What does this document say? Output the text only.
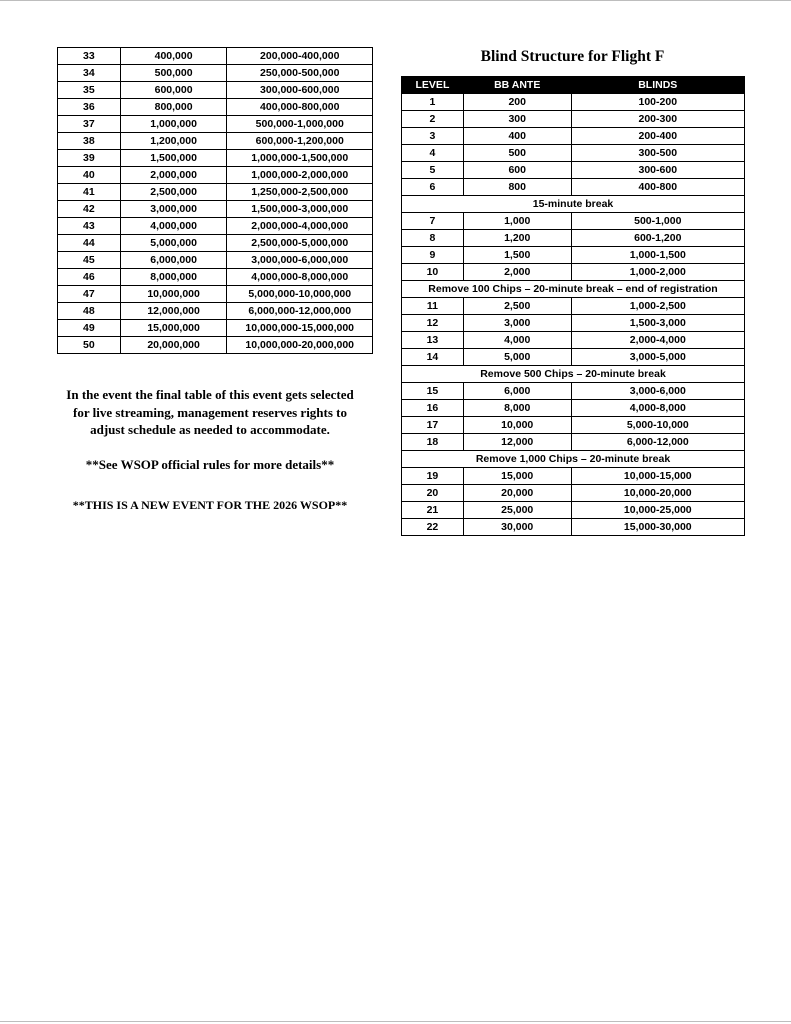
33	400,000	200,000-400,000
34	500,000	250,000-500,000
35	600,000	300,000-600,000
36	800,000	400,000-800,000
37	1,000,000	500,000-1,000,000
38	1,200,000	600,000-1,200,000
39	1,500,000	1,000,000-1,500,000
40	2,000,000	1,000,000-2,000,000
41	2,500,000	1,250,000-2,500,000
42	3,000,000	1,500,000-3,000,000
43	4,000,000	2,000,000-4,000,000
44	5,000,000	2,500,000-5,000,000
45	6,000,000	3,000,000-6,000,000
46	8,000,000	4,000,000-8,000,000
47	10,000,000	5,000,000-10,000,000
48	12,000,000	6,000,000-12,000,000
49	15,000,000	10,000,000-15,000,000
50	20,000,000	10,000,000-20,000,000
Blind Structure for Flight F
LEVEL	BB ANTE	BLINDS
1	200	100-200
2	300	200-300
3	400	200-400
4	500	300-500
5	600	300-600
6	800	400-800
15-minute break		
7	1,000	500-1,000
8	1,200	600-1,200
9	1,500	1,000-1,500
10	2,000	1,000-2,000
Remove 100 Chips – 20-minute break – end of registration		
11	2,500	1,000-2,500
12	3,000	1,500-3,000
13	4,000	2,000-4,000
14	5,000	3,000-5,000
Remove 500 Chips – 20-minute break		
15	6,000	3,000-6,000
16	8,000	4,000-8,000
17	10,000	5,000-10,000
18	12,000	6,000-12,000
Remove 1,000 Chips – 20-minute break		
19	15,000	10,000-15,000
20	20,000	10,000-20,000
21	25,000	10,000-25,000
22	30,000	15,000-30,000

In the event the final table of this event gets selected
for live streaming, management reserves rights to
adjust schedule as needed to accommodate.

**See WSOP official rules for more details**

**THIS IS A NEW EVENT FOR THE 2026 WSOP**
